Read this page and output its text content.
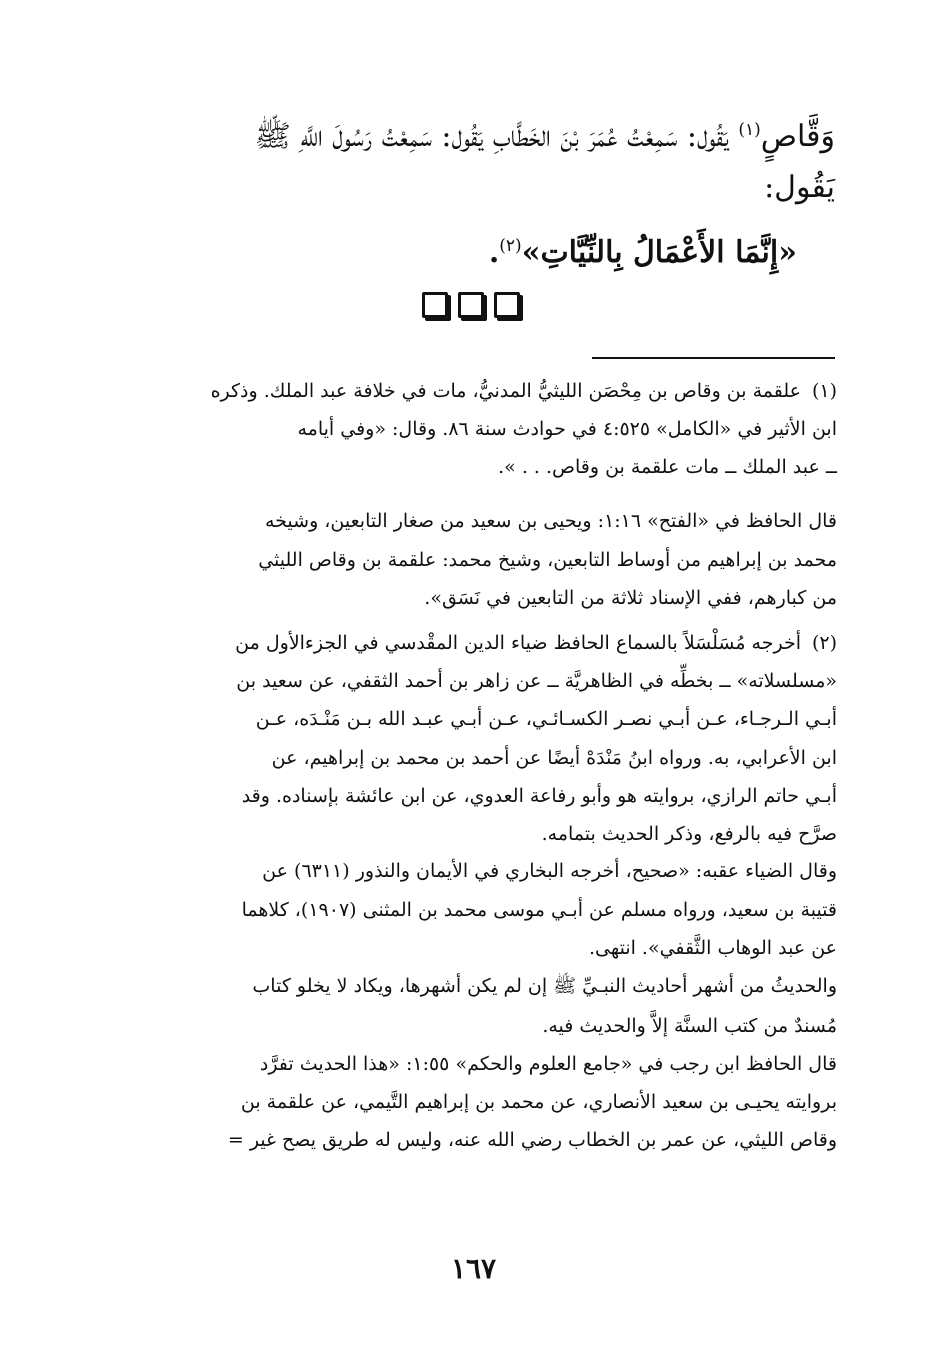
وَقَّاصٍ$^{(١)}$ يَقُول: سَمِعْتُ عُمَرَ بْنَ الخَطَّابِ يَقُول: سَمِعْتُ رَسُولَ اللَّهِ ﷺ
يَقُول:
«إِنَّمَا الأَعْمَالُ بِالنِّيَّاتِ»$^{(٢)}$.
(١)
(٢)
علقمة بن وقاص بن مِحْصَن الليثيُّ المدنيُّ، مات في خلافة عبد الملك. وذكره
ابن الأثير في «الكامل» ٤:٥٢٥ في حوادث سنة ٨٦. وقال: «وفي أيامه
ــ عبد الملك ــ مات علقمة بن وقاص. . . ».
قال الحافظ في «الفتح» ١:١٦: ويحيى بن سعيد من صغار التابعين، وشيخه
محمد بن إبراهيم من أوساط التابعين، وشيخ محمد: علقمة بن وقاص الليثي
من كبارهم، ففي الإسناد ثلاثة من التابعين في نَسَق».
أخرجه مُسَلْسَلاً بالسماع الحافظ ضياء الدين المقْدسي في الجزءالأول من
«مسلسلاته» ــ بخطِّه في الظاهريَّة ــ عن زاهر بن أحمد الثقفي، عن سعيد بن
أبـي الـرجـاء، عـن أبـي نصـر الكسـائـي، عـن أبـي عبـد الله بـن مَنْـدَه، عـن
ابن الأعرابي، به. ورواه ابنُ مَنْدَهْ أيضًا عن أحمد بن محمد بن إبراهيم، عن
أبـي حاتم الرازي، بروايته هو وأبو رفاعة العدوي، عن ابن عائشة بإسناده. وقد
صرَّح فيه بالرفع، وذكر الحديث بتمامه.
وقال الضياء عقبه: «صحيح، أخرجه البخاري في الأيمان والنذور (٦٣١١) عن
قتيبة بن سعيد، ورواه مسلم عن أبـي موسى محمد بن المثنى (١٩٠٧)، كلاهما
عن عبد الوهاب الثَّقفي». انتهى.
والحديثُ من أشهر أحاديث النبـيِّ ﷺ إن لم يكن أشهرها، ويكاد لا يخلو كتاب
مُسندٌ من كتب السنَّة إلاَّ والحديث فيه.
قال الحافظ ابن رجب في «جامع العلوم والحكم» ١:٥٥: «هذا الحديث تفرَّد
بروايته يحيـى بن سعيد الأنصاري، عن محمد بن إبراهيم التَّيمي، عن علقمة بن
وقاص الليثي، عن عمر بن الخطاب رضي الله عنه، وليس له طريق يصح غير =
١٦٧
